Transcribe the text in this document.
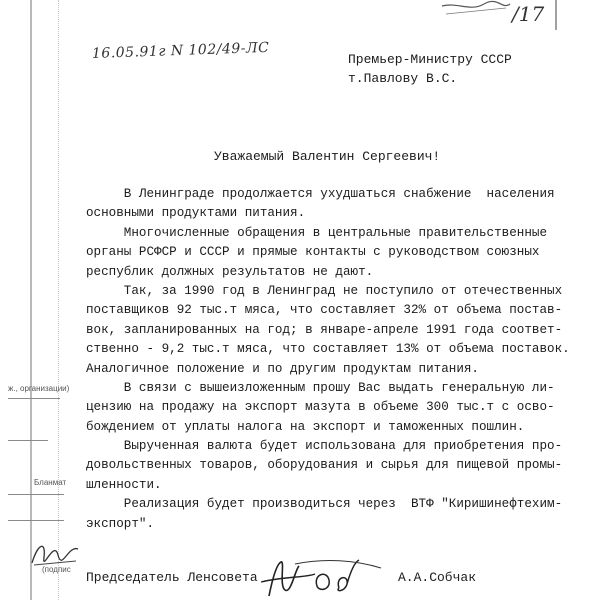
16.05.91г N 102/49-ЛС
/17
Премьер-Министру СССР
т.Павлову В.С.
Уважаемый Валентин Сергеевич!
В Ленинграде продолжается ухудшаться снабжение  населения
основными продуктами питания.
Многочисленные обращения в центральные правительственные
органы РСФСР и СССР и прямые контакты с руководством союзных
республик должных результатов не дают.
Так, за 1990 год в Ленинград не поступило от отечественных
поставщиков 92 тыс.т мяса, что составляет 32% от объема постав-
вок, запланированных на год; в январе-апреле 1991 года соответ-
ственно - 9,2 тыс.т мяса, что составляет 13% от объема поставок.
Аналогичное положение и по другим продуктам питания.
В связи с вышеизложенным прошу Вас выдать генеральную ли-
цензию на продажу на экспорт мазута в объеме 300 тыс.т с осво-
бождением от уплаты налога на экспорт и таможенных пошлин.
Вырученная валюта будет использована для приобретения про-
довольственных товаров, оборудования и сырья для пищевой промы-
шленности.
Реализация будет производиться через  ВТФ "Киришинефтехим-
экспорт".
ж., организации)
Бланмат
(подпис
Председатель Ленсовета	А.А.Собчак
